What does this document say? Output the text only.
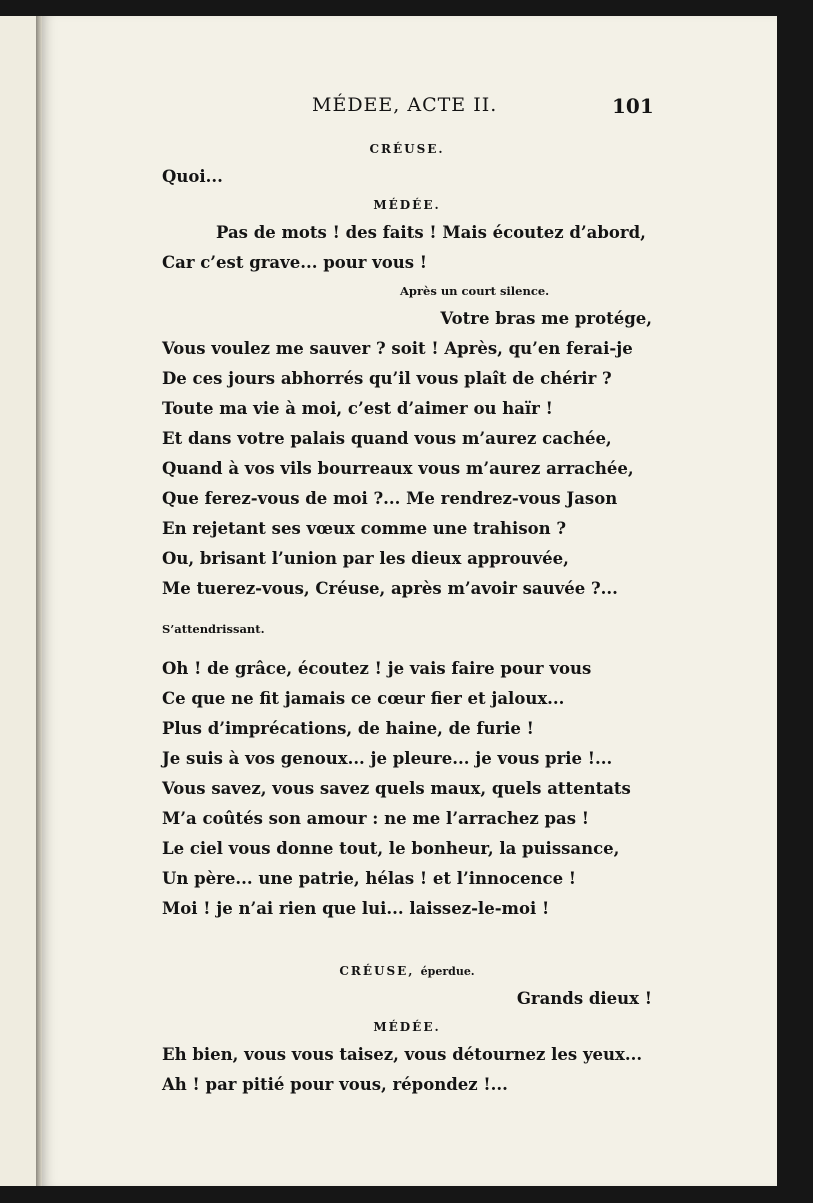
MÉDEE, ACTE II.	101
CRÉUSE.
Quoi...
MÉDÉE.
Pas de mots ! des faits ! Mais écoutez d’abord,
Car c’est grave... pour vous !
Après un court silence.
Votre bras me protége,
Vous voulez me sauver ? soit ! Après, qu’en ferai-je
De ces jours abhorrés qu’il vous plaît de chérir ?
Toute ma vie à moi, c’est d’aimer ou haïr !
Et dans votre palais quand vous m’aurez cachée,
Quand à vos vils bourreaux vous m’aurez arrachée,
Que ferez-vous de moi ?... Me rendrez-vous Jason
En rejetant ses vœux comme une trahison ?
Ou, brisant l’union par les dieux approuvée,
Me tuerez-vous, Créuse, après m’avoir sauvée ?...
S’attendrissant.
Oh ! de grâce, écoutez ! je vais faire pour vous
Ce que ne fit jamais ce cœur fier et jaloux...
Plus d’imprécations, de haine, de furie !
Je suis à vos genoux... je pleure... je vous prie !...
Vous savez, vous savez quels maux, quels attentats
M’a coûtés son amour : ne me l’arrachez pas !
Le ciel vous donne tout, le bonheur, la puissance,
Un père... une patrie, hélas ! et l’innocence !
Moi ! je n’ai rien que lui... laissez-le-moi !
CRÉUSE, éperdue.
Grands dieux !
MÉDÉE.
Eh bien, vous vous taisez, vous détournez les yeux...
Ah ! par pitié pour vous, répondez !...
